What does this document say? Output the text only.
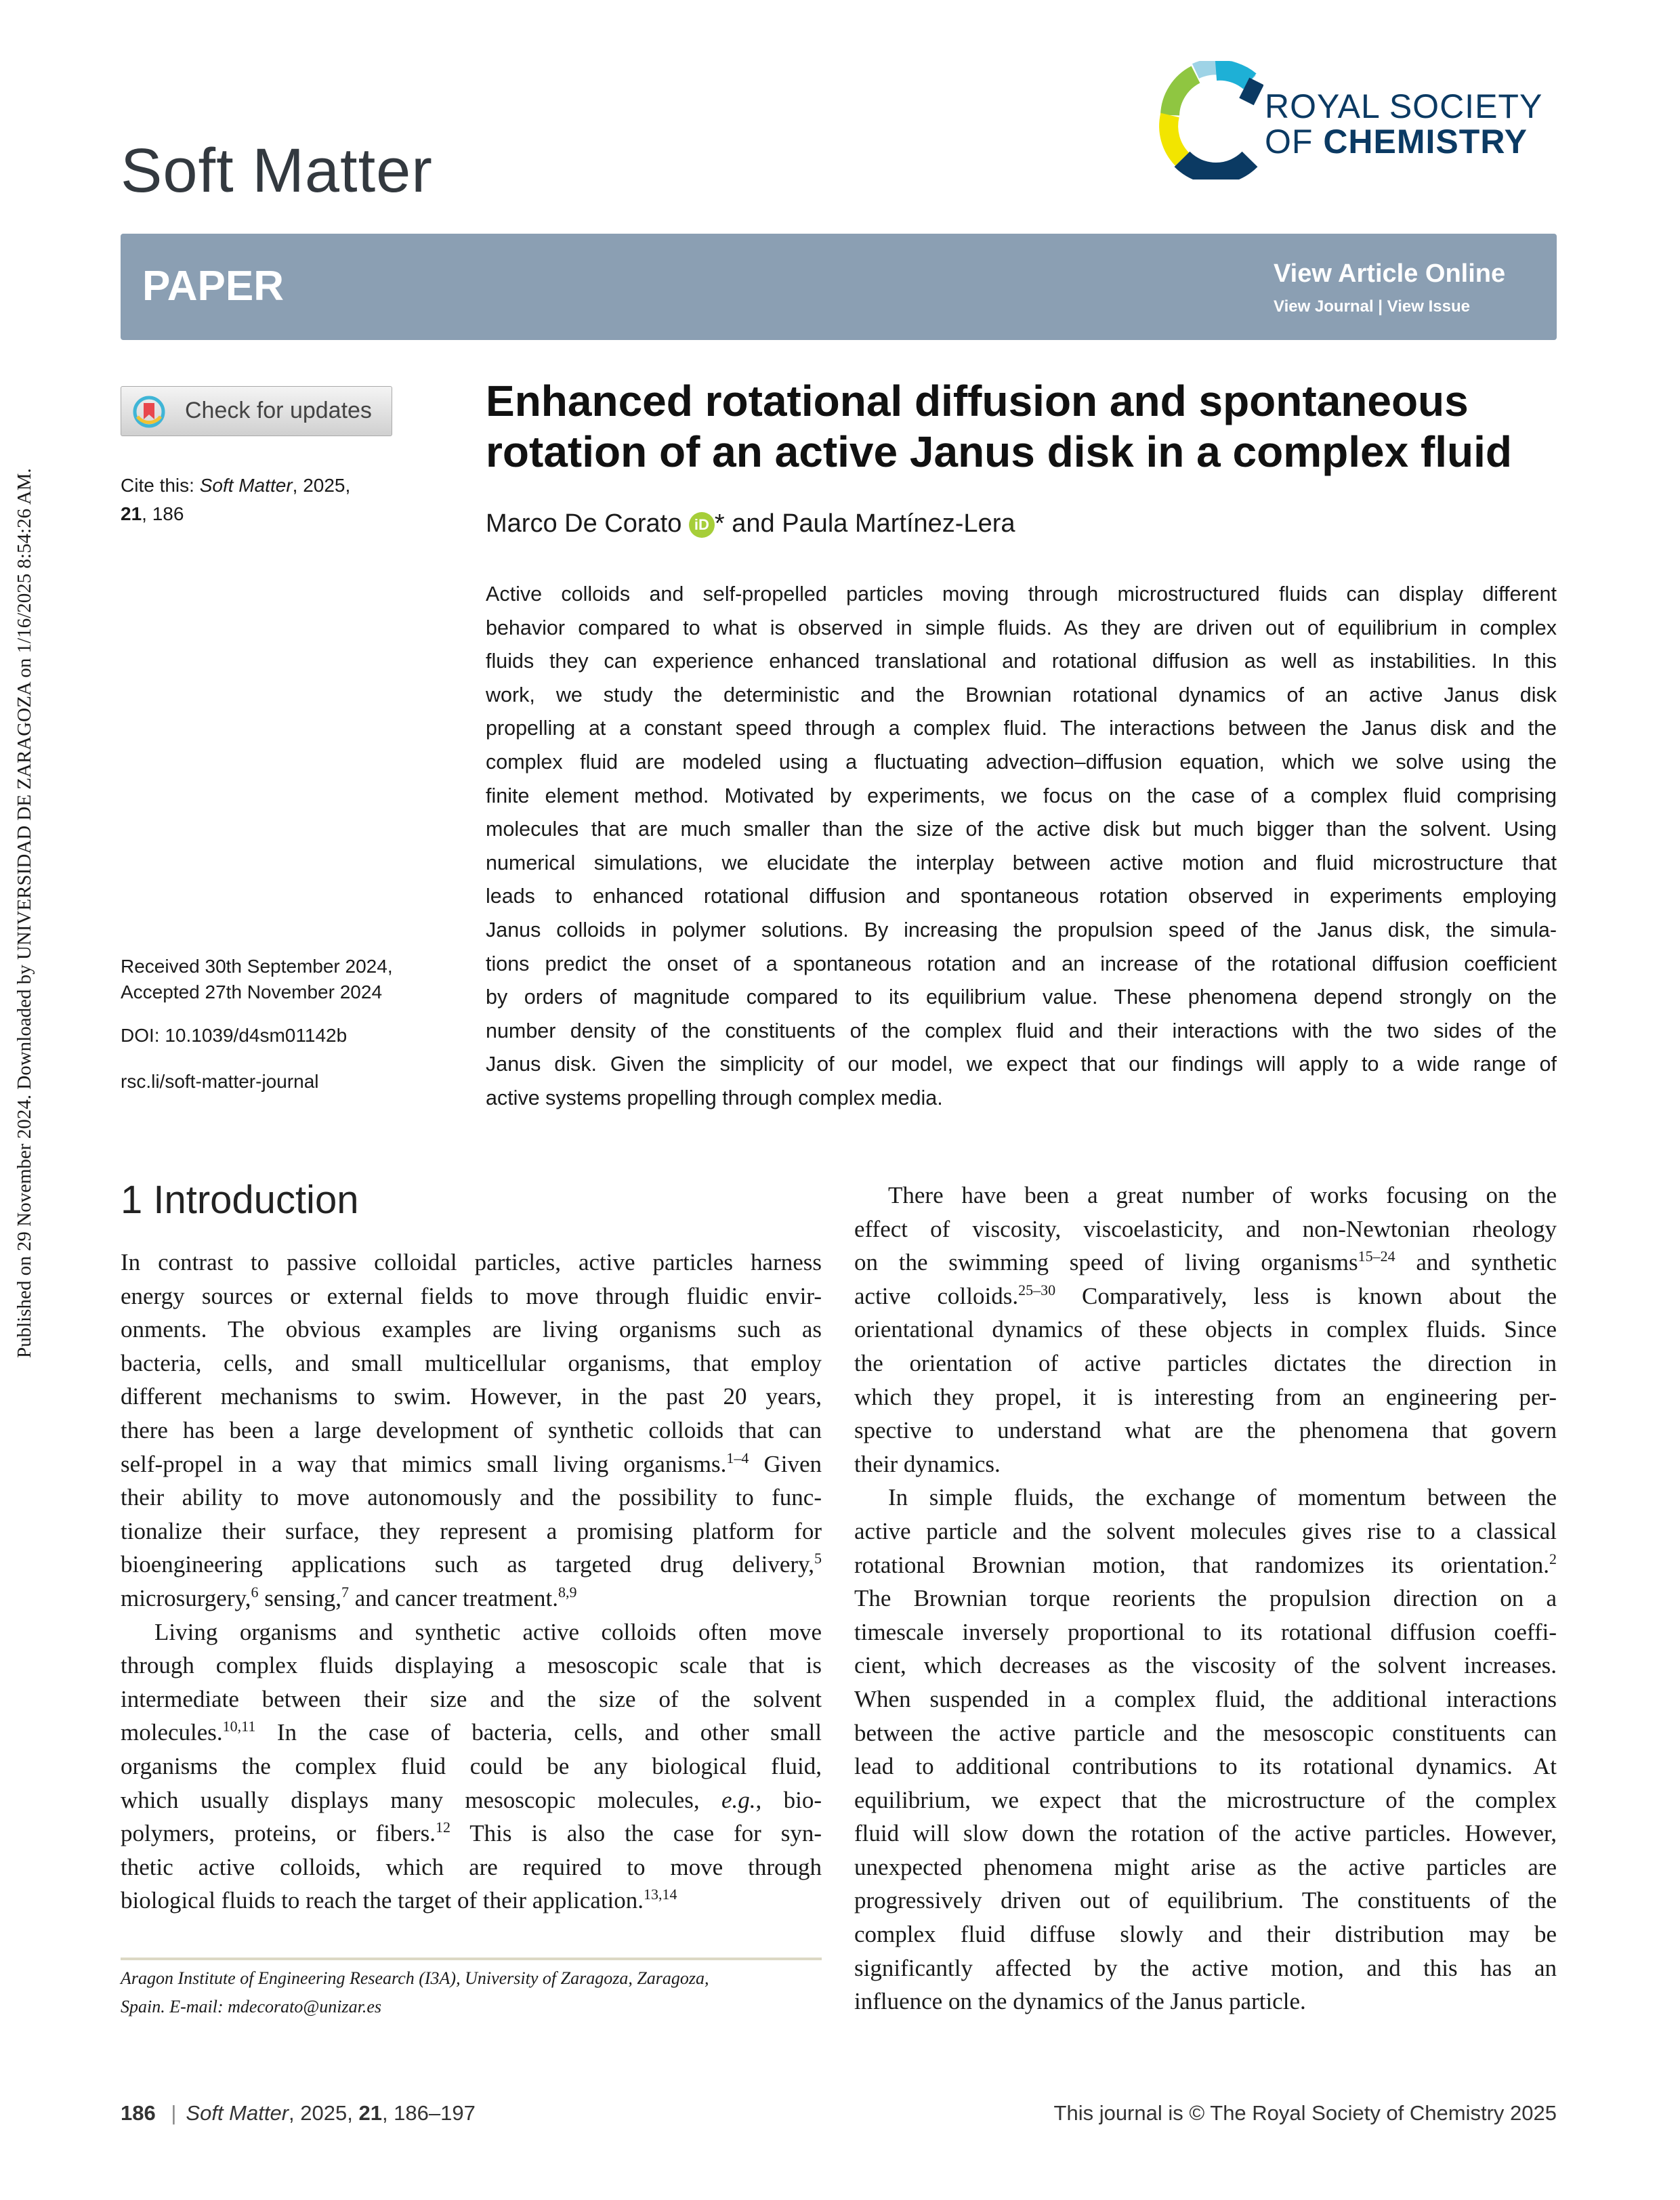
Published on 29 November 2024. Downloaded by UNIVERSIDAD DE ZARAGOZA on 1/16/2025 8:54:26 AM.
Soft Matter
ROYAL SOCIETY
OF CHEMISTRY
PAPER	View Article Online
View Journal | View Issue
Check for updates
Cite this: Soft Matter, 2025,
21, 186
Enhanced rotational diffusion and spontaneous rotation of an active Janus disk in a complex fluid
Marco De Corato iD * and Paula Martínez-Lera
Active colloids and self-propelled particles moving through microstructured fluids can display different
behavior compared to what is observed in simple fluids. As they are driven out of equilibrium in complex
fluids they can experience enhanced translational and rotational diffusion as well as instabilities. In this
work, we study the deterministic and the Brownian rotational dynamics of an active Janus disk
propelling at a constant speed through a complex fluid. The interactions between the Janus disk and the
complex fluid are modeled using a fluctuating advection–diffusion equation, which we solve using the
finite element method. Motivated by experiments, we focus on the case of a complex fluid comprising
molecules that are much smaller than the size of the active disk but much bigger than the solvent. Using
numerical simulations, we elucidate the interplay between active motion and fluid microstructure that
leads to enhanced rotational diffusion and spontaneous rotation observed in experiments employing
Janus colloids in polymer solutions. By increasing the propulsion speed of the Janus disk, the simula-
tions predict the onset of a spontaneous rotation and an increase of the rotational diffusion coefficient
by orders of magnitude compared to its equilibrium value. These phenomena depend strongly on the
number density of the constituents of the complex fluid and their interactions with the two sides of the
Janus disk. Given the simplicity of our model, we expect that our findings will apply to a wide range of
active systems propelling through complex media.
Received 30th September 2024,
Accepted 27th November 2024
DOI: 10.1039/d4sm01142b
rsc.li/soft-matter-journal
1 Introduction
In contrast to passive colloidal particles, active particles harness
energy sources or external fields to move through fluidic envir-
onments. The obvious examples are living organisms such as
bacteria, cells, and small multicellular organisms, that employ
different mechanisms to swim. However, in the past 20 years,
there has been a large development of synthetic colloids that can
self-propel in a way that mimics small living organisms.$^{1-4}$ Given
their ability to move autonomously and the possibility to func-
tionalize their surface, they represent a promising platform for
bioengineering applications such as targeted drug delivery,$^5$
microsurgery,$^6$ sensing,$^7$ and cancer treatment.$^{8,9}$
Living organisms and synthetic active colloids often move
through complex fluids displaying a mesoscopic scale that is
intermediate between their size and the size of the solvent
molecules.$^{10,11}$ In the case of bacteria, cells, and other small
organisms the complex fluid could be any biological fluid,
which usually displays many mesoscopic molecules, e.g., bio-
polymers, proteins, or fibers.$^{12}$ This is also the case for syn-
thetic active colloids, which are required to move through
biological fluids to reach the target of their application.$^{13,14}$
There have been a great number of works focusing on the
effect of viscosity, viscoelasticity, and non-Newtonian rheology
on the swimming speed of living organisms$^{15-24}$ and synthetic
active colloids.$^{25-30}$ Comparatively, less is known about the
orientational dynamics of these objects in complex fluids. Since
the orientation of active particles dictates the direction in
which they propel, it is interesting from an engineering per-
spective to understand what are the phenomena that govern
their dynamics.
In simple fluids, the exchange of momentum between the
active particle and the solvent molecules gives rise to a classical
rotational Brownian motion, that randomizes its orientation.$^2$
The Brownian torque reorients the propulsion direction on a
timescale inversely proportional to its rotational diffusion coeffi-
cient, which decreases as the viscosity of the solvent increases.
When suspended in a complex fluid, the additional interactions
between the active particle and the mesoscopic constituents can
lead to additional contributions to its rotational dynamics. At
equilibrium, we expect that the microstructure of the complex
fluid will slow down the rotation of the active particles. However,
unexpected phenomena might arise as the active particles are
progressively driven out of equilibrium. The constituents of the
complex fluid diffuse slowly and their distribution may be
significantly affected by the active motion, and this has an
influence on the dynamics of the Janus particle.
Aragon Institute of Engineering Research (I3A), University of Zaragoza, Zaragoza,
Spain. E-mail: mdecorato@unizar.es
186 | Soft Matter, 2025, 21, 186–197	This journal is © The Royal Society of Chemistry 2025
